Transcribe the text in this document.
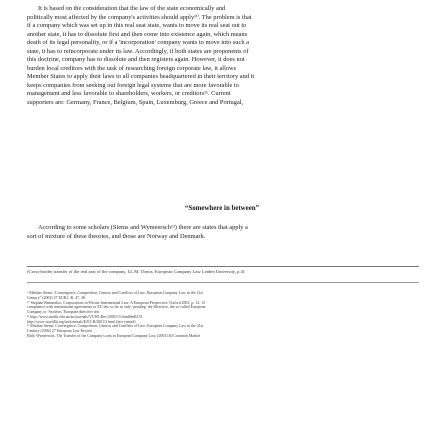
It is based on the consideration that the law of the state economically and
politically most affected by the company's activities should apply¹⁰. The problem is that
if a company which was set up in this real seat state, wants to move its real seat out to
another state, it has to dissolute first and then come into existence again, which means
death of its legal personality, or if a 'incorporation' company wants to move into such a
state, it has to reincorporate under its law. Accordingly, if both states are proponents of
this doctrine, company has to dissolute and then registers again. However, it does not
burden local creditors with the task of researching foreign corporate law, it allows
Member States to apply their laws to all companies headquartered in their territory and it
keeps companies from seeking out foreign legal systems that are more favorable to
management and less favorable to shareholders, workers, or creditors¹¹. Current
supporters are: Germany, France, Belgium, Spain, Luxemburg, Greece and Portugal,
“Somewhere in between”
According to some scholars (Siems and Wymeersch¹²) there are states that apply a
sort of mixture of these theories, and those are Norway and Denmark.
(Cross-border transfer of the real seat of the company, LL.M. Thesis, European Company Law Leiden University, p.4)
⁹ Mathias Siems “Convergence, Competition, Centros and Conflicts of Law: European Company Law in the 21st
Century” (2002) 27 EUR.L.R. 47, 48
¹⁰ Stephan Rammeloo, Corporations in Private International Law: A European Perspective, Oxford 2001, p. 12, 13
compliance with international agreements or EU law so far as only ‘pending’ the Directive, the so-called European
Company or ‘Societas’ Europaea directive test
¹¹ http://www.austlii.edu.au/au/journals/VUWLRev/2005/15.html#fnB152
http://www.worldlii.org/int/journals/EJCLR/2001/3.html (last visited)
¹² Mathias Siems, Convergence, Competition, Centros and Conflicts of Law: European Company Law in the 21st
Century (2002) 27 European Law Review
Eddy Wymeersch, The Transfer of the Company's seat in European Company Law, (2003) 40 Common Market
